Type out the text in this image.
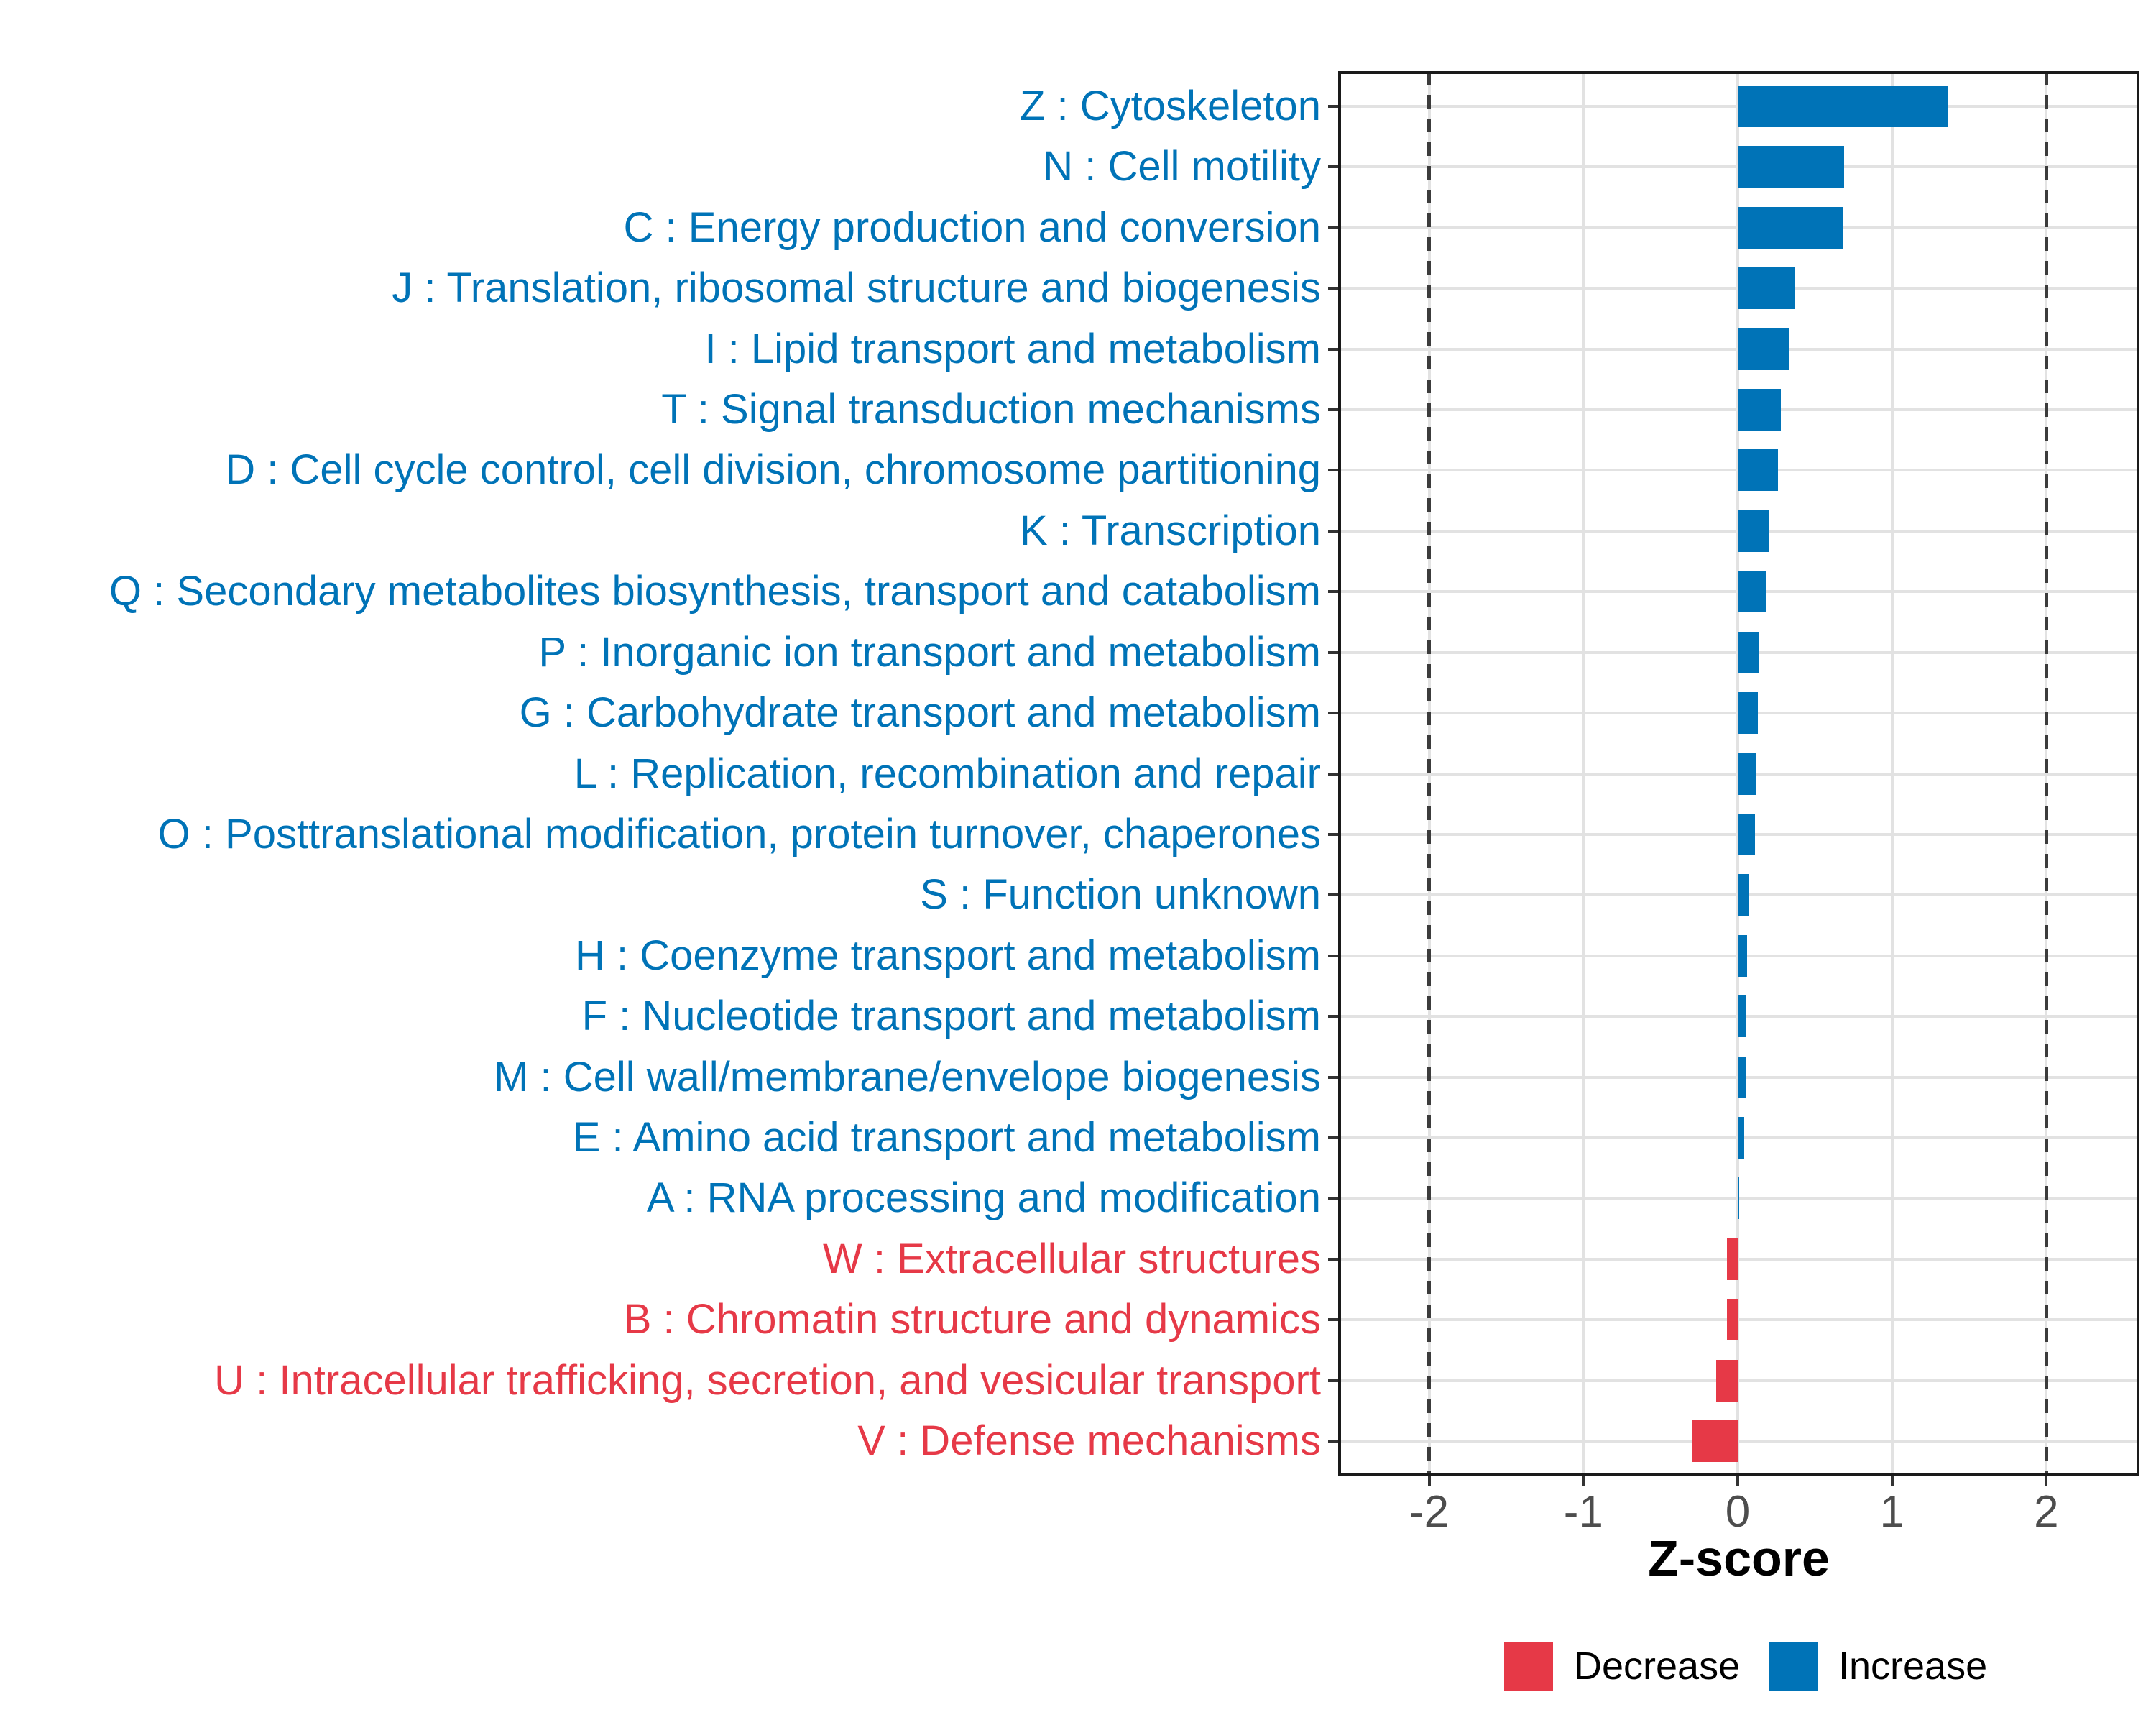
-2	-1	0	1	2
Z : Cytoskeleton
N : Cell motility
C : Energy production and conversion
J : Translation, ribosomal structure and biogenesis
I : Lipid transport and metabolism
T : Signal transduction mechanisms
D : Cell cycle control, cell division, chromosome partitioning
K : Transcription
Q : Secondary metabolites biosynthesis, transport and catabolism
P : Inorganic ion transport and metabolism
G : Carbohydrate transport and metabolism
L : Replication, recombination and repair
O : Posttranslational modification, protein turnover, chaperones
S : Function unknown
H : Coenzyme transport and metabolism
F : Nucleotide transport and metabolism
M : Cell wall/membrane/envelope biogenesis
E : Amino acid transport and metabolism
A : RNA processing and modification
W : Extracellular structures
B : Chromatin structure and dynamics
U : Intracellular trafficking, secretion, and vesicular transport
V : Defense mechanisms
Z-score
Decrease	Increase
